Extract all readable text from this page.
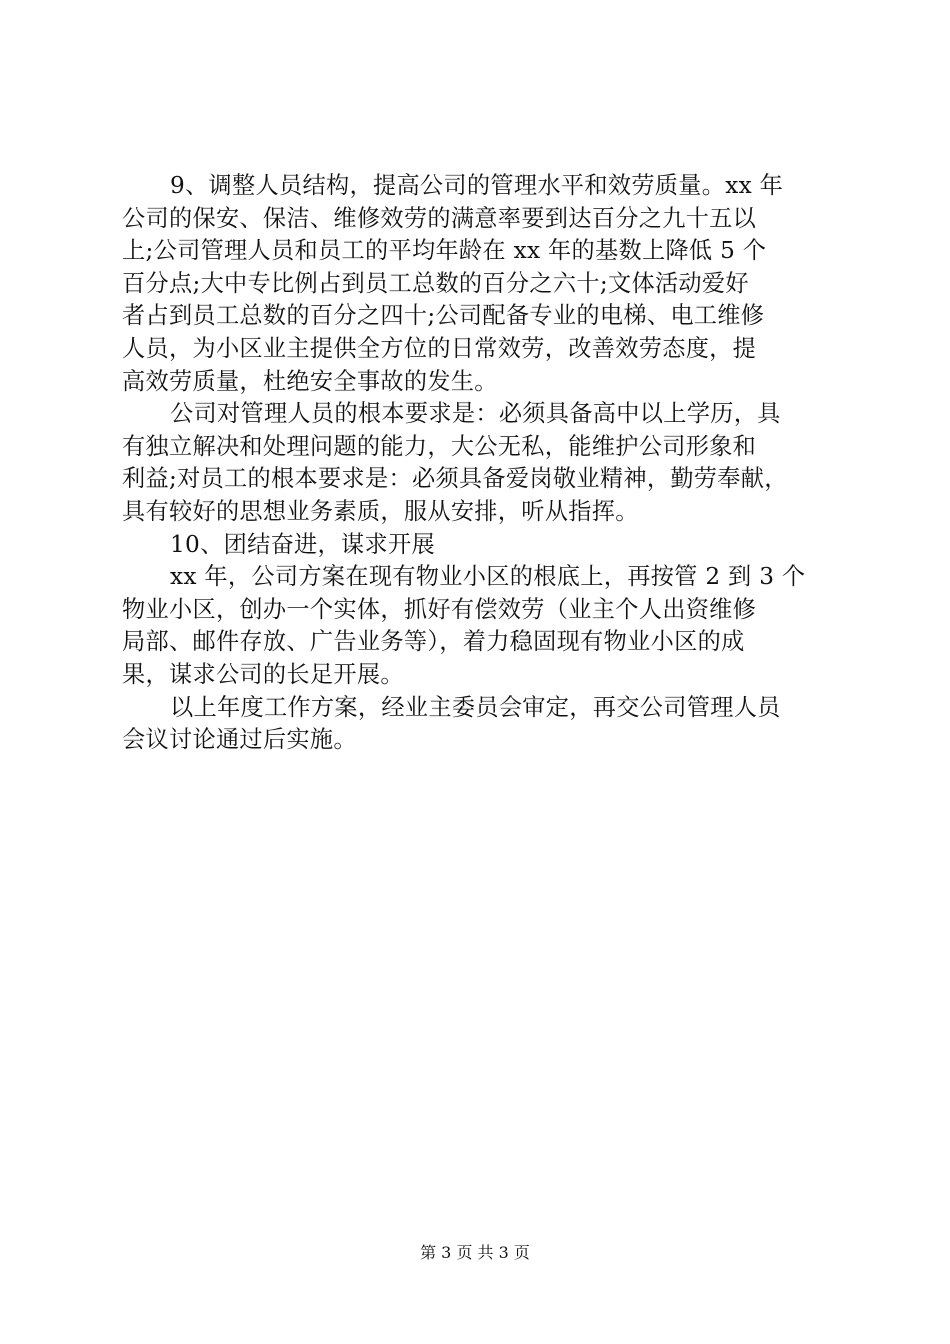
9、调整人员结构，提高公司的管理水平和效劳质量。xx 年
公司的保安、保洁、维修效劳的满意率要到达百分之九十五以
上;公司管理人员和员工的平均年龄在 xx 年的基数上降低 5 个
百分点;大中专比例占到员工总数的百分之六十;文体活动爱好
者占到员工总数的百分之四十;公司配备专业的电梯、电工维修
人员，为小区业主提供全方位的日常效劳，改善效劳态度，提
高效劳质量，杜绝安全事故的发生。
公司对管理人员的根本要求是：必须具备高中以上学历，具
有独立解决和处理问题的能力，大公无私，能维护公司形象和
利益;对员工的根本要求是：必须具备爱岗敬业精神，勤劳奉献，
具有较好的思想业务素质，服从安排，听从指挥。
10、团结奋进，谋求开展
xx 年，公司方案在现有物业小区的根底上，再按管 2 到 3 个
物业小区，创办一个实体，抓好有偿效劳（业主个人出资维修
局部、邮件存放、广告业务等），着力稳固现有物业小区的成
果，谋求公司的长足开展。
以上年度工作方案，经业主委员会审定，再交公司管理人员
会议讨论通过后实施。
第 3 页 共 3 页
